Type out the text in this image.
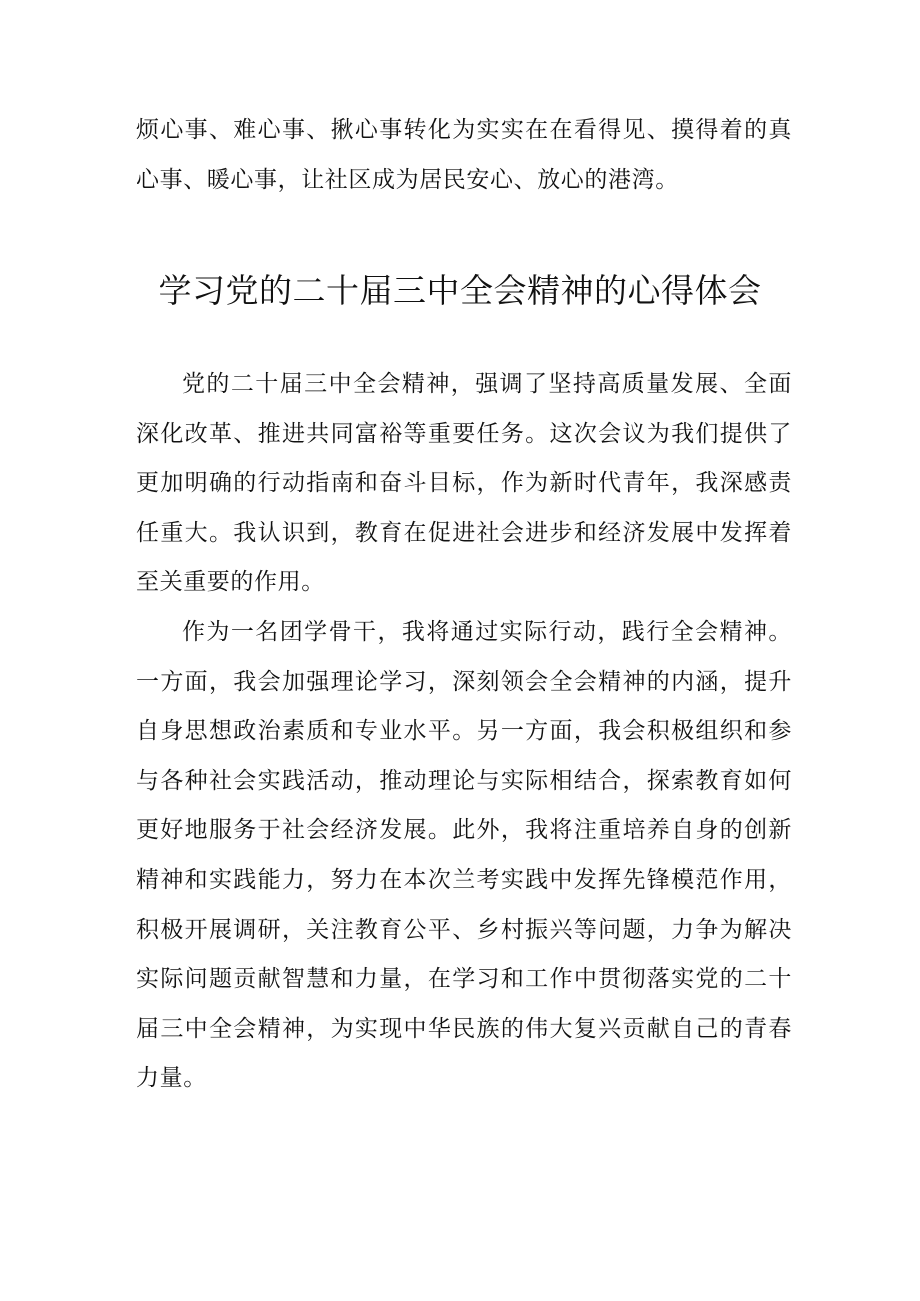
烦心事、难心事、揪心事转化为实实在在看得见、摸得着的真心事、暖心事，让社区成为居民安心、放心的港湾。

学习党的二十届三中全会精神的心得体会

党的二十届三中全会精神，强调了坚持高质量发展、全面深化改革、推进共同富裕等重要任务。这次会议为我们提供了更加明确的行动指南和奋斗目标，作为新时代青年，我深感责任重大。我认识到，教育在促进社会进步和经济发展中发挥着至关重要的作用。

作为一名团学骨干，我将通过实际行动，践行全会精神。一方面，我会加强理论学习，深刻领会全会精神的内涵，提升自身思想政治素质和专业水平。另一方面，我会积极组织和参与各种社会实践活动，推动理论与实际相结合，探索教育如何更好地服务于社会经济发展。此外，我将注重培养自身的创新精神和实践能力，努力在本次兰考实践中发挥先锋模范作用，积极开展调研，关注教育公平、乡村振兴等问题，力争为解决实际问题贡献智慧和力量，在学习和工作中贯彻落实党的二十届三中全会精神，为实现中华民族的伟大复兴贡献自己的青春力量。
